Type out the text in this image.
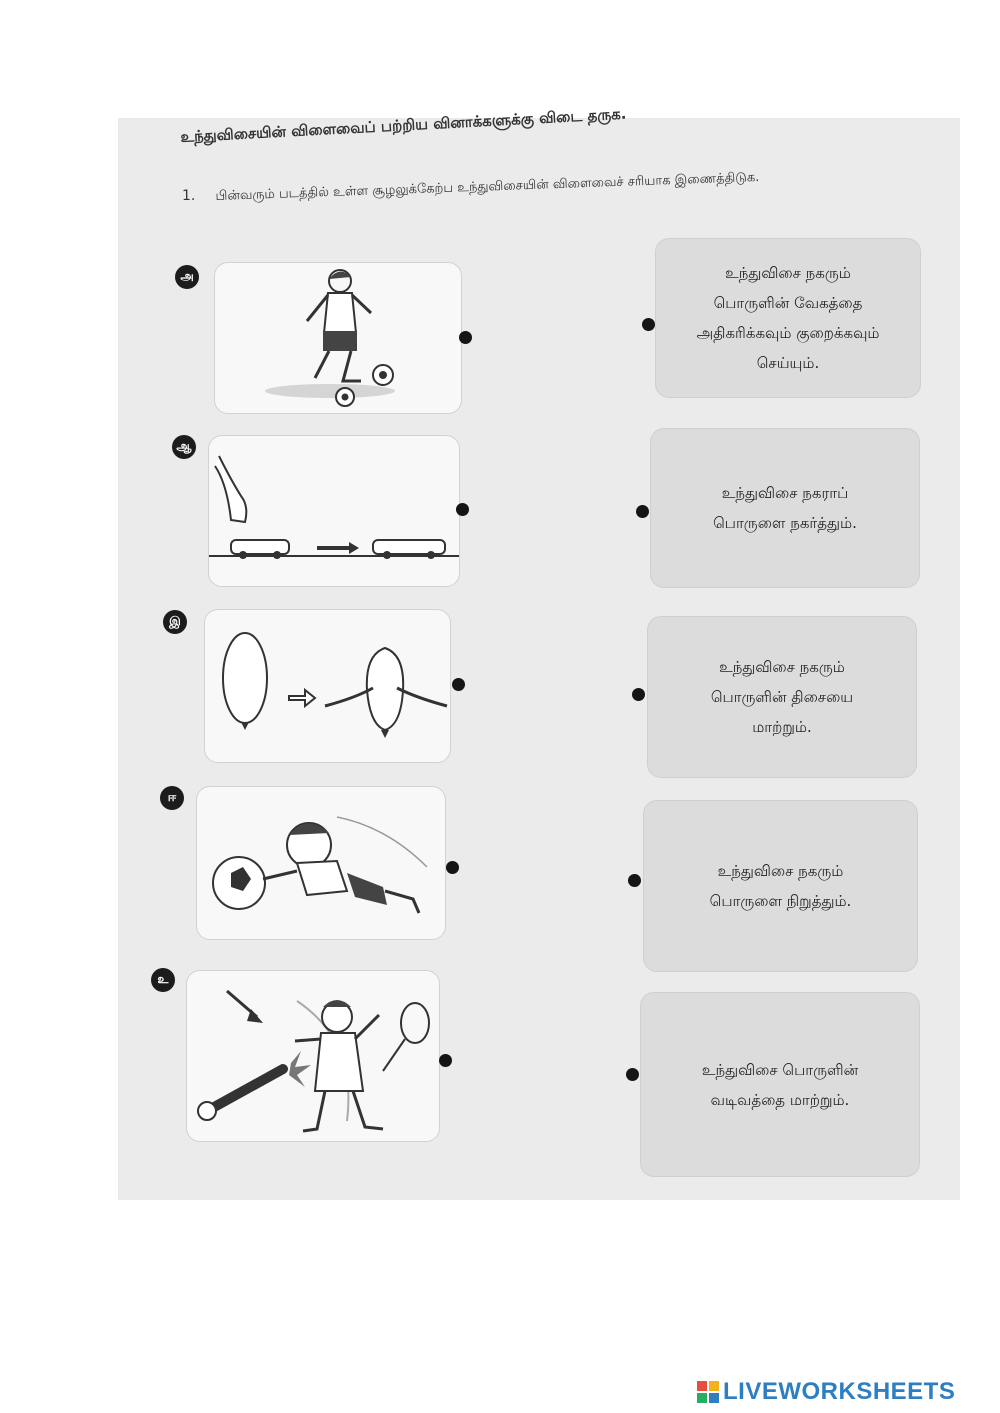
உந்துவிசையின் விளைவைப் பற்றிய வினாக்களுக்கு விடை தருக.
1. பின்வரும் படத்தில் உள்ள சூழலுக்கேற்ப உந்துவிசையின் விளைவைச் சரியாக இணைத்திடுக.
அ	உந்துவிசை நகரும்
பொருளின் வேகத்தை
அதிகரிக்கவும் குறைக்கவும்
செய்யும்.
ஆ
உந்துவிசை நகராப்
பொருளை நகர்த்தும்.
இ
உந்துவிசை நகரும்
பொருளின் திசையை
மாற்றும்.
ஈ
உந்துவிசை நகரும்
பொருளை நிறுத்தும்.
உ
உந்துவிசை பொருளின்
வடிவத்தை மாற்றும்.
LIVEWORKSHEETS
